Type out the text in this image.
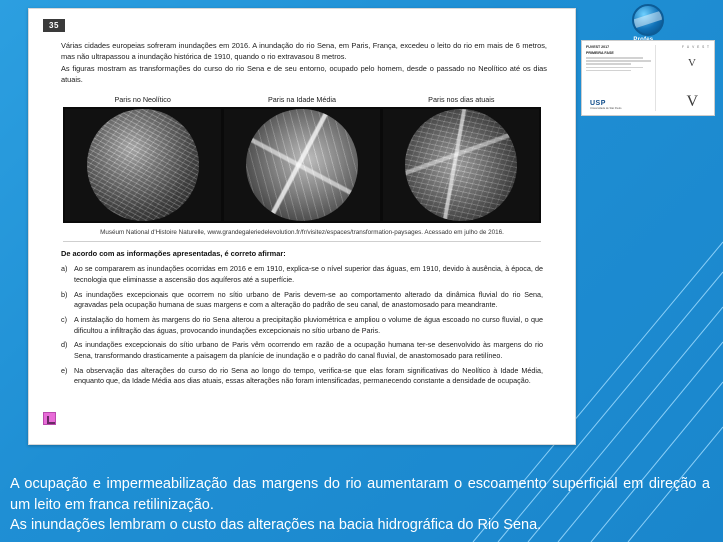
FUVEST 2017
PRIMEIRA FASE
F U V E S T
V
USP
Universidade de São Paulo	V
35

Várias cidades europeias sofreram inundações em 2016. A inundação do rio Sena, em Paris, França, excedeu o leito do rio em mais de 6 metros, mas não ultrapassou a inundação histórica de 1910, quando o rio extravasou 8 metros.

As figuras mostram as transformações do curso do rio Sena e de seu entorno, ocupado pelo homem, desde o passado no Neolítico até os dias atuais.

Paris no Neolítico	Paris na Idade Média	Paris nos dias atuais
Muséum National d'Histoire Naturelle, www.grandegaleriedelevolution.fr/fr/visitez/espaces/transformation-paysages. Acessado em julho de 2016.
De acordo com as informações apresentadas, é correto afirmar:
a) Ao se compararem as inundações ocorridas em 2016 e em 1910, explica-se o nível superior das águas, em 1910, devido à ausência, à época, de tecnologia que eliminasse a ascensão dos aquíferos até a superfície.
b) As inundações excepcionais que ocorrem no sítio urbano de Paris devem-se ao comportamento alterado da dinâmica fluvial do rio Sena, agravadas pela ocupação humana de suas margens e com a alteração do padrão de seu canal, de anastomosado para meandrante.
c) A instalação do homem às margens do rio Sena alterou a precipitação pluviométrica e ampliou o volume de água escoado no curso fluvial, o que dificultou a infiltração das águas, provocando inundações excepcionais no sítio urbano de Paris.
d) As inundações excepcionais do sítio urbano de Paris vêm ocorrendo em razão de a ocupação humana ter-se desenvolvido às margens do rio Sena, transformando drasticamente a paisagem da planície de inundação e o padrão do canal fluvial, de anastomosado para retilíneo.
e) Na observação das alterações do curso do rio Sena ao longo do tempo, verifica-se que elas foram significativas do Neolítico à Idade Média, enquanto que, da Idade Média aos dias atuais, essas alterações não foram intensificadas, permanecendo constante a densidade de ocupação.

A ocupação e impermeabilização das margens do rio aumentaram o escoamento superficial em direção a um leito em franca retilinização.

As inundações lembram o custo das alterações na bacia hidrográfica do Rio Sena.
